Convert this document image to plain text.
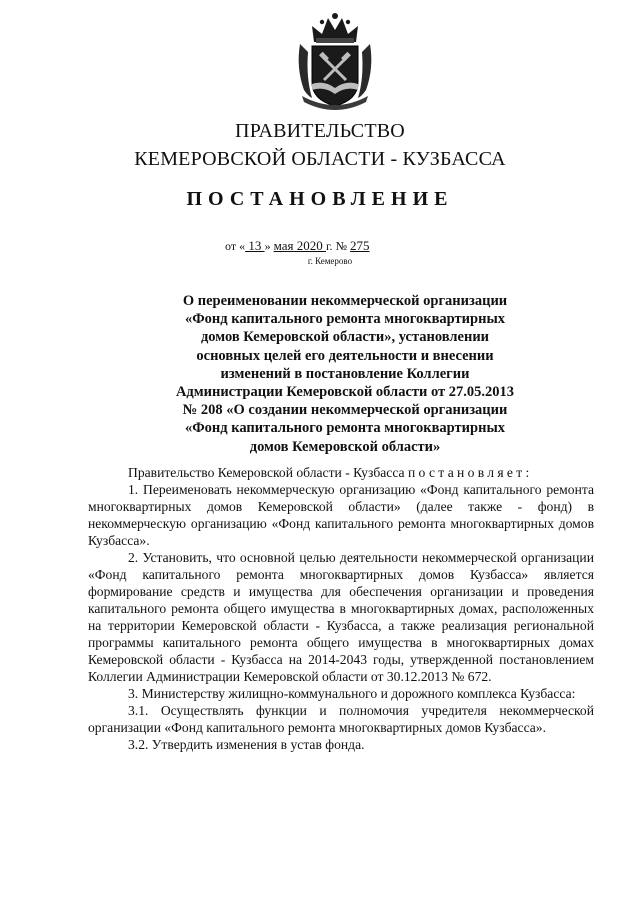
ПРАВИТЕЛЬСТВО
КЕМЕРОВСКОЙ ОБЛАСТИ - КУЗБАССА
ПОСТАНОВЛЕНИЕ
от « 13 » мая 2020 г. № 275
г. Кемерово
О переименовании некоммерческой организации
«Фонд капитального ремонта многоквартирных
домов Кемеровской области», установлении
основных целей его деятельности и внесении
изменений в постановление Коллегии
Администрации Кемеровской области от 27.05.2013
№ 208 «О создании некоммерческой организации
«Фонд капитального ремонта многоквартирных
домов Кемеровской области»

Правительство Кемеровской области - Кузбасса постановляет:

1. Переименовать некоммерческую организацию «Фонд капитального ремонта многоквартирных домов Кемеровской области» (далее также - фонд) в некоммерческую организацию «Фонд капитального ремонта многоквартирных домов Кузбасса».

2. Установить, что основной целью деятельности некоммерческой организации «Фонд капитального ремонта многоквартирных домов Кузбасса» является формирование средств и имущества для обеспечения организации и проведения капитального ремонта общего имущества в многоквартирных домах, расположенных на территории Кемеровской области - Кузбасса, а также реализация региональной программы капитального ремонта общего имущества в многоквартирных домах Кемеровской области - Кузбасса на 2014-2043 годы, утвержденной постановлением Коллегии Администрации Кемеровской области от 30.12.2013 № 672.

3. Министерству жилищно-коммунального и дорожного комплекса Кузбасса:

3.1. Осуществлять функции и полномочия учредителя некоммерческой организации «Фонд капитального ремонта многоквартирных домов Кузбасса».

3.2. Утвердить изменения в устав фонда.
